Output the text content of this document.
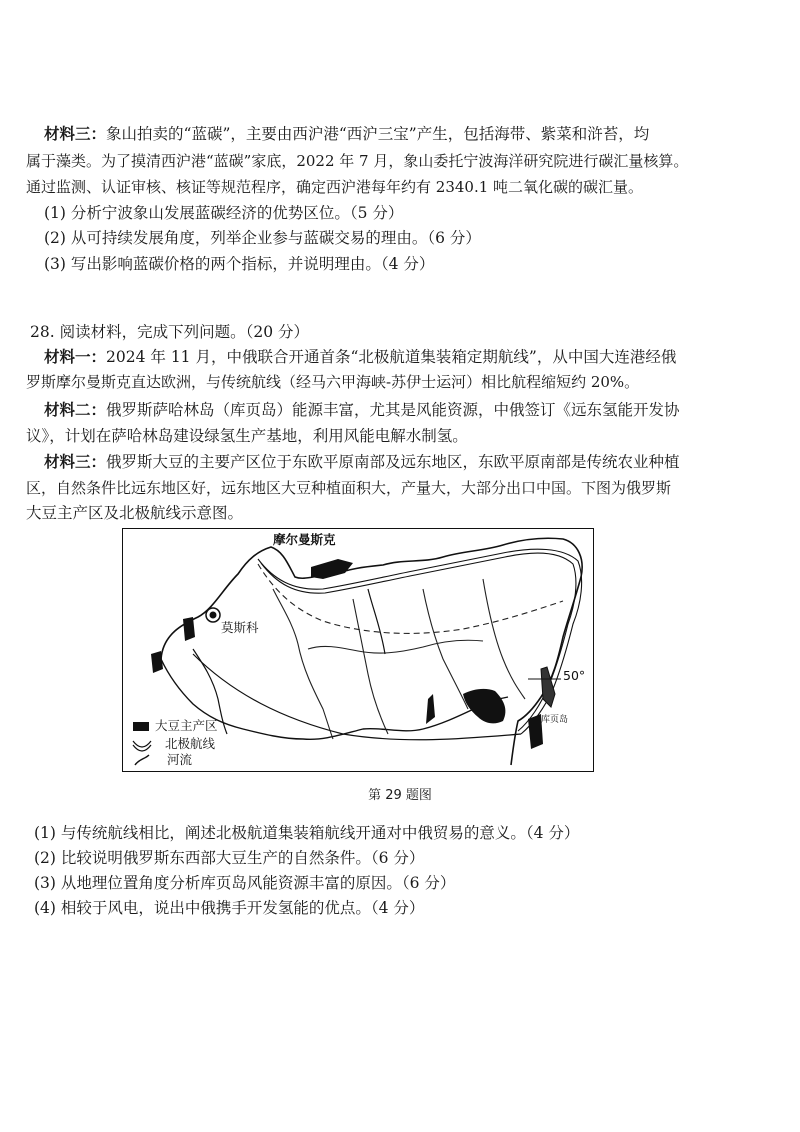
材料三：象山拍卖的“蓝碳”，主要由西沪港“西沪三宝”产生，包括海带、紫菜和浒苔，均
属于藻类。为了摸清西沪港“蓝碳”家底，2022 年 7 月，象山委托宁波海洋研究院进行碳汇量核算。
通过监测、认证审核、核证等规范程序，确定西沪港每年约有 2340.1 吨二氧化碳的碳汇量。
(1) 分析宁波象山发展蓝碳经济的优势区位。（5 分）
(2) 从可持续发展角度，列举企业参与蓝碳交易的理由。（6 分）
(3) 写出影响蓝碳价格的两个指标，并说明理由。（4 分）
28. 阅读材料，完成下列问题。（20 分）
材料一：2024 年 11 月，中俄联合开通首条“北极航道集装箱定期航线”，从中国大连港经俄
罗斯摩尔曼斯克直达欧洲，与传统航线（经马六甲海峡-苏伊士运河）相比航程缩短约 20%。
材料二：俄罗斯萨哈林岛（库页岛）能源丰富，尤其是风能资源，中俄签订《远东氢能开发协
议》，计划在萨哈林岛建设绿氢生产基地，利用风能电解水制氢。
材料三：俄罗斯大豆的主要产区位于东欧平原南部及远东地区，东欧平原南部是传统农业种植
区，自然条件比远东地区好，远东地区大豆种植面积大，产量大，大部分出口中国。下图为俄罗斯
大豆主产区及北极航线示意图。
摩尔曼斯克
莫斯科
50°
库页岛
大豆主产区
北极航线
河流
第 29 题图
(1) 与传统航线相比，阐述北极航道集装箱航线开通对中俄贸易的意义。（4 分）
(2) 比较说明俄罗斯东西部大豆生产的自然条件。（6 分）
(3) 从地理位置角度分析库页岛风能资源丰富的原因。（6 分）
(4) 相较于风电，说出中俄携手开发氢能的优点。（4 分）
